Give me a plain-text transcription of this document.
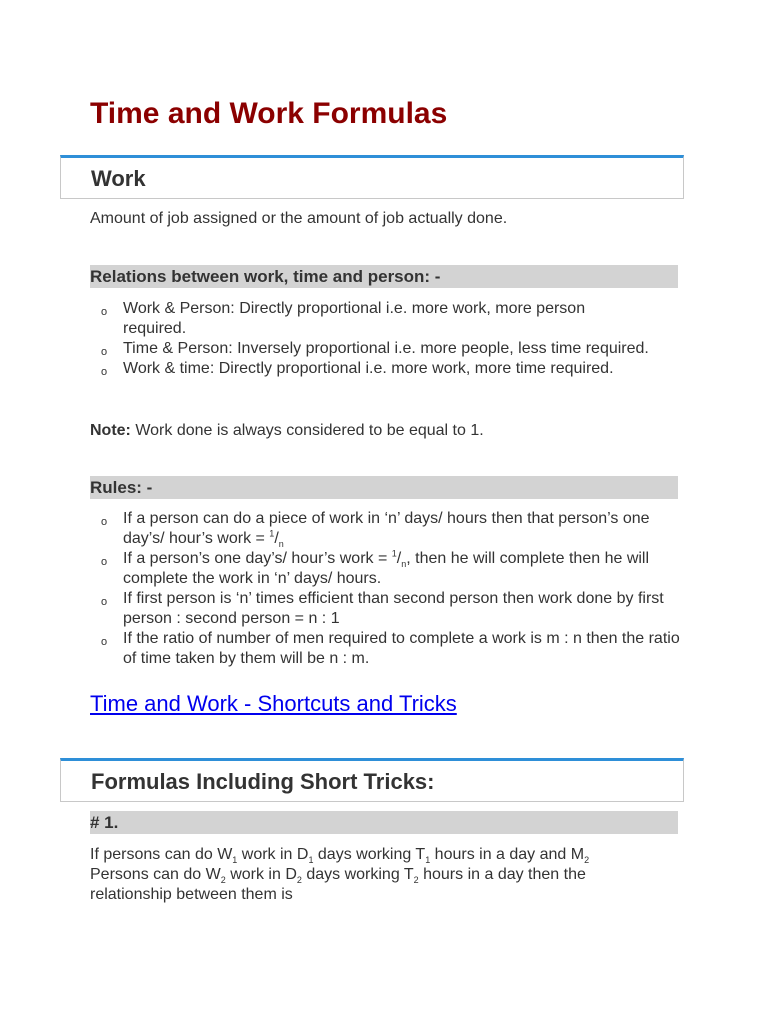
Time and Work Formulas
Work

Amount of job assigned or the amount of job actually done.

Relations between work, time and person: -
o Work & Person: Directly proportional i.e. more work, more person required.
o Time & Person: Inversely proportional i.e. more people, less time required.
o Work & time: Directly proportional i.e. more work, more time required.

Note: Work done is always considered to be equal to 1.

Rules: -
o If a person can do a piece of work in ‘n’ days/ hours then that person’s one day’s/ hour’s work = $^1/_n$
o If a person’s one day’s/ hour’s work = $^1/_n$, then he will complete then he will complete the work in ‘n’ days/ hours.
o If first person is ‘n’ times efficient than second person then work done by first person : second person = n : 1
o If the ratio of number of men required to complete a work is m : n then the ratio of time taken by them will be n : m.
Time and Work - Shortcuts and Tricks
Formulas Including Short Tricks:
# 1.

If persons can do $W_1$ work in $D_1$ days working $T_1$ hours in a day and $M_2$ Persons can do $W_2$ work in $D_2$ days working $T_2$ hours in a day then the relationship between them is
